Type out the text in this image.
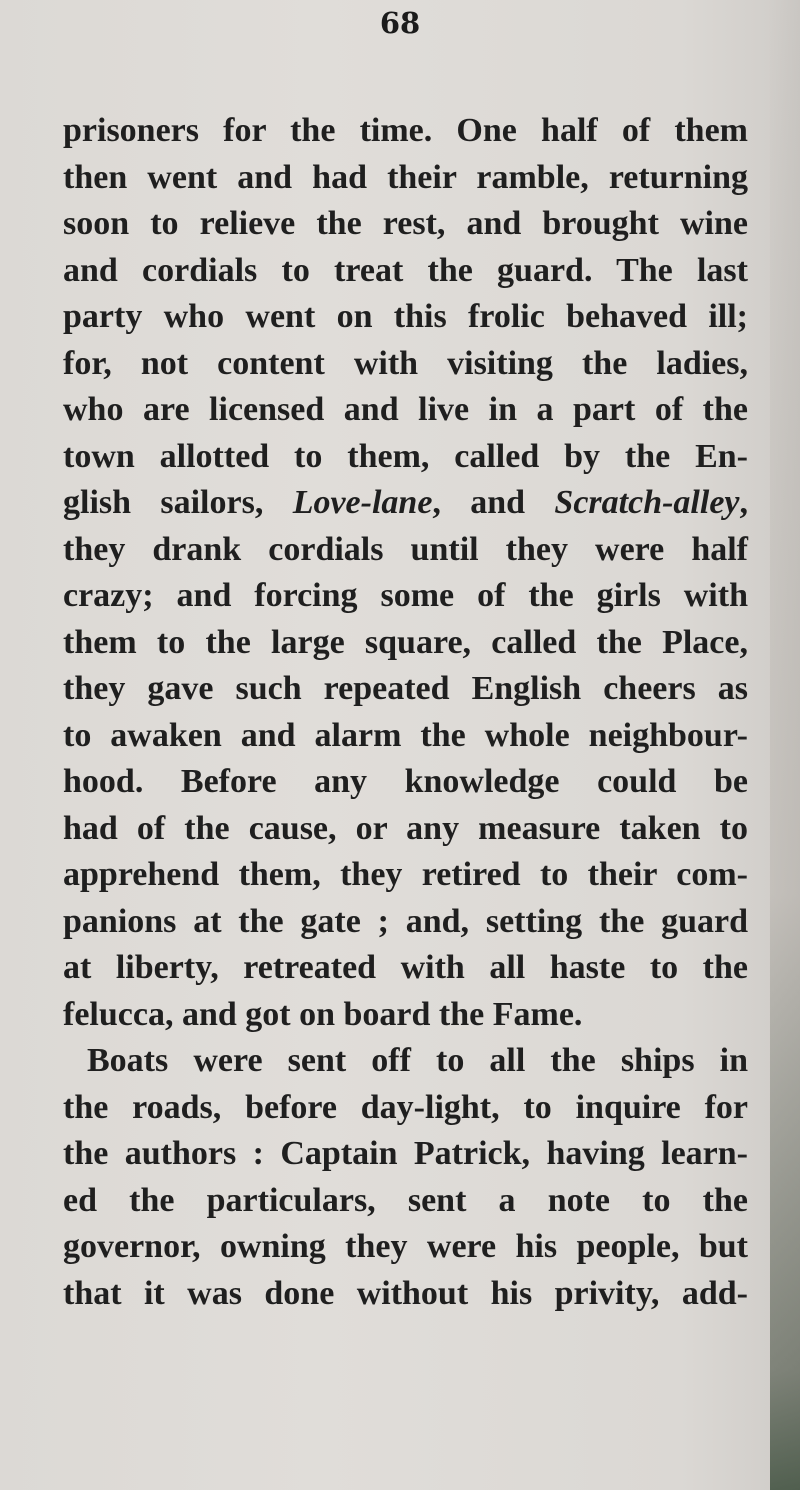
68

prisoners for the time. One half of them
then went and had their ramble, returning
soon to relieve the rest, and brought wine
and cordials to treat the guard. The last
party who went on this frolic behaved ill;
for, not content with visiting the ladies,
who are licensed and live in a part of the
town allotted to them, called by the En-
glish sailors, Love-lane, and Scratch-alley,
they drank cordials until they were half
crazy; and forcing some of the girls with
them to the large square, called the Place,
they gave such repeated English cheers as
to awaken and alarm the whole neighbour-
hood. Before any knowledge could be
had of the cause, or any measure taken to
apprehend them, they retired to their com-
panions at the gate ; and, setting the guard
at liberty, retreated with all haste to the
felucca, and got on board the Fame.
Boats were sent off to all the ships in
the roads, before day-light, to inquire for
the authors : Captain Patrick, having learn-
ed the particulars, sent a note to the
governor, owning they were his people, but
that it was done without his privity, add-
